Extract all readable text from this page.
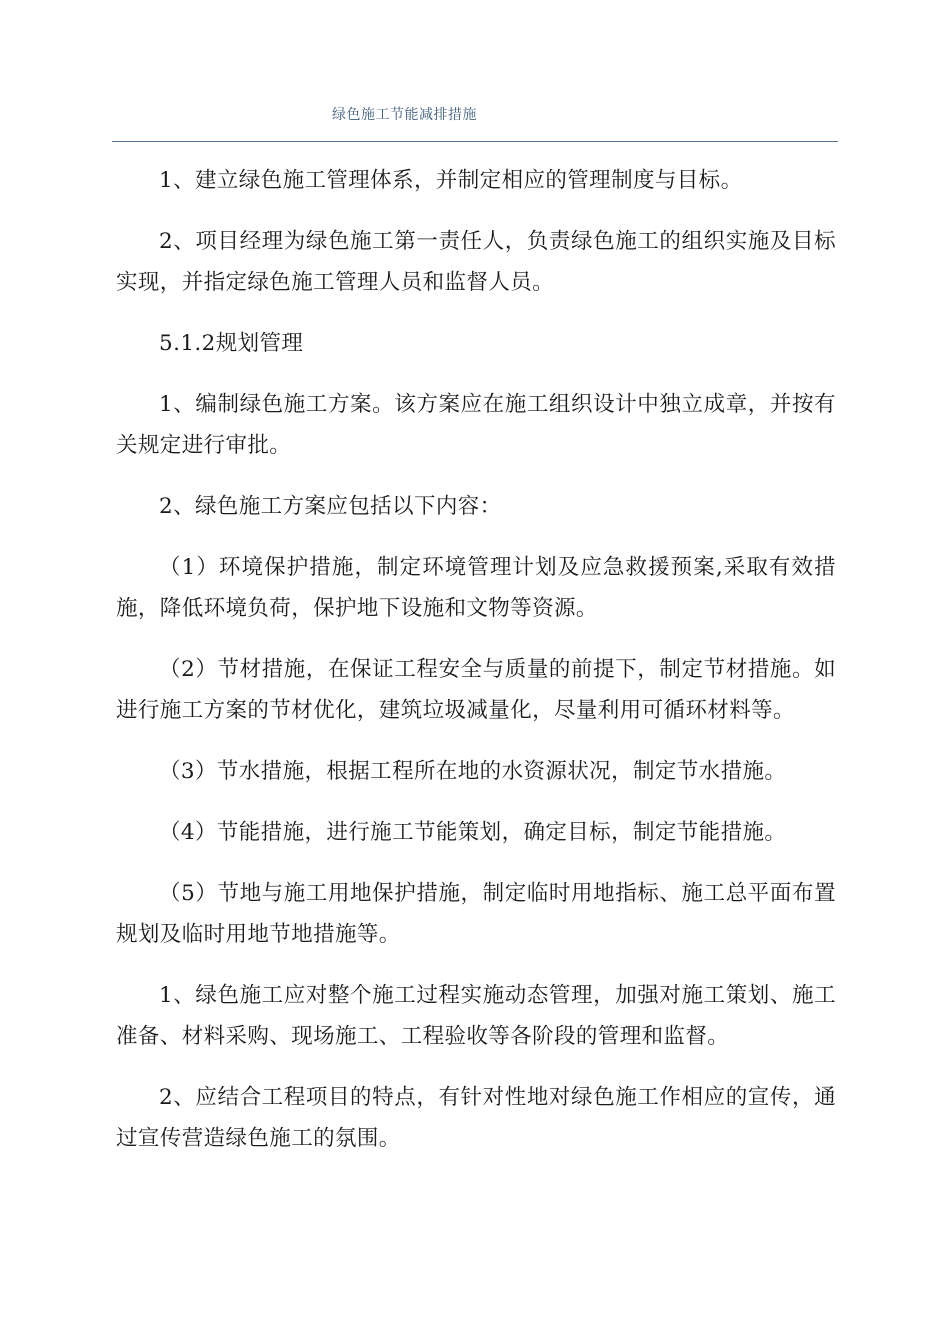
绿色施工节能减排措施

1、建立绿色施工管理体系，并制定相应的管理制度与目标。

2、项目经理为绿色施工第一责任人，负责绿色施工的组织实施及目标实现，并指定绿色施工管理人员和监督人员。

5.1.2规划管理

1、编制绿色施工方案。该方案应在施工组织设计中独立成章，并按有关规定进行审批。

2、绿色施工方案应包括以下内容：

（1）环境保护措施，制定环境管理计划及应急救援预案,采取有效措施，降低环境负荷，保护地下设施和文物等资源。

（2）节材措施，在保证工程安全与质量的前提下，制定节材措施。如进行施工方案的节材优化，建筑垃圾减量化，尽量利用可循环材料等。

（3）节水措施，根据工程所在地的水资源状况，制定节水措施。

（4）节能措施，进行施工节能策划，确定目标，制定节能措施。

（5）节地与施工用地保护措施，制定临时用地指标、施工总平面布置规划及临时用地节地措施等。

1、绿色施工应对整个施工过程实施动态管理，加强对施工策划、施工准备、材料采购、现场施工、工程验收等各阶段的管理和监督。

2、应结合工程项目的特点，有针对性地对绿色施工作相应的宣传，通过宣传营造绿色施工的氛围。
